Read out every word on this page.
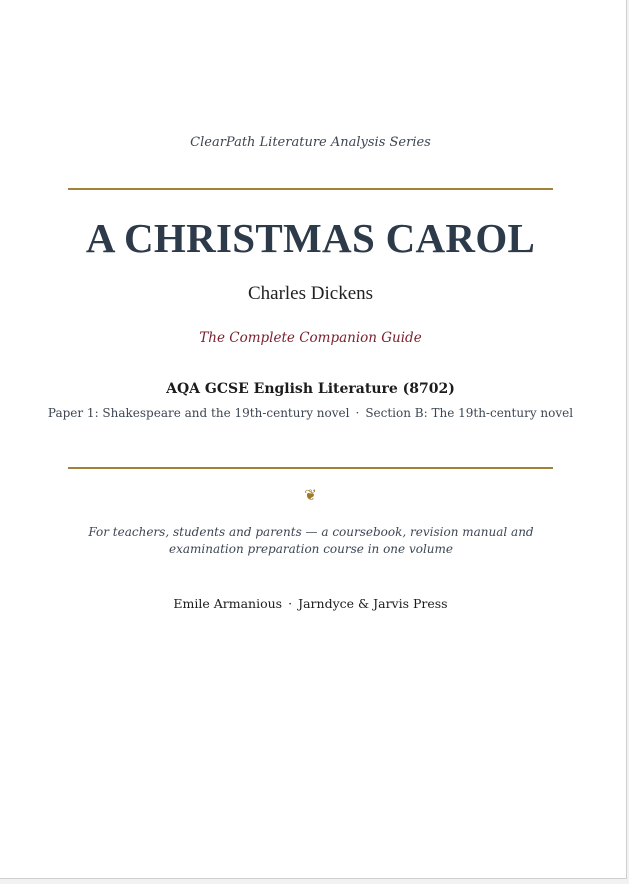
ClearPath Literature Analysis Series
A CHRISTMAS CAROL
Charles Dickens
The Complete Companion Guide
AQA GCSE English Literature (8702)
Paper 1: Shakespeare and the 19th-century novel · Section B: The 19th-century novel
❦
For teachers, students and parents — a coursebook, revision manual and examination preparation course in one volume
Emile Armanious · Jarndyce & Jarvis Press
